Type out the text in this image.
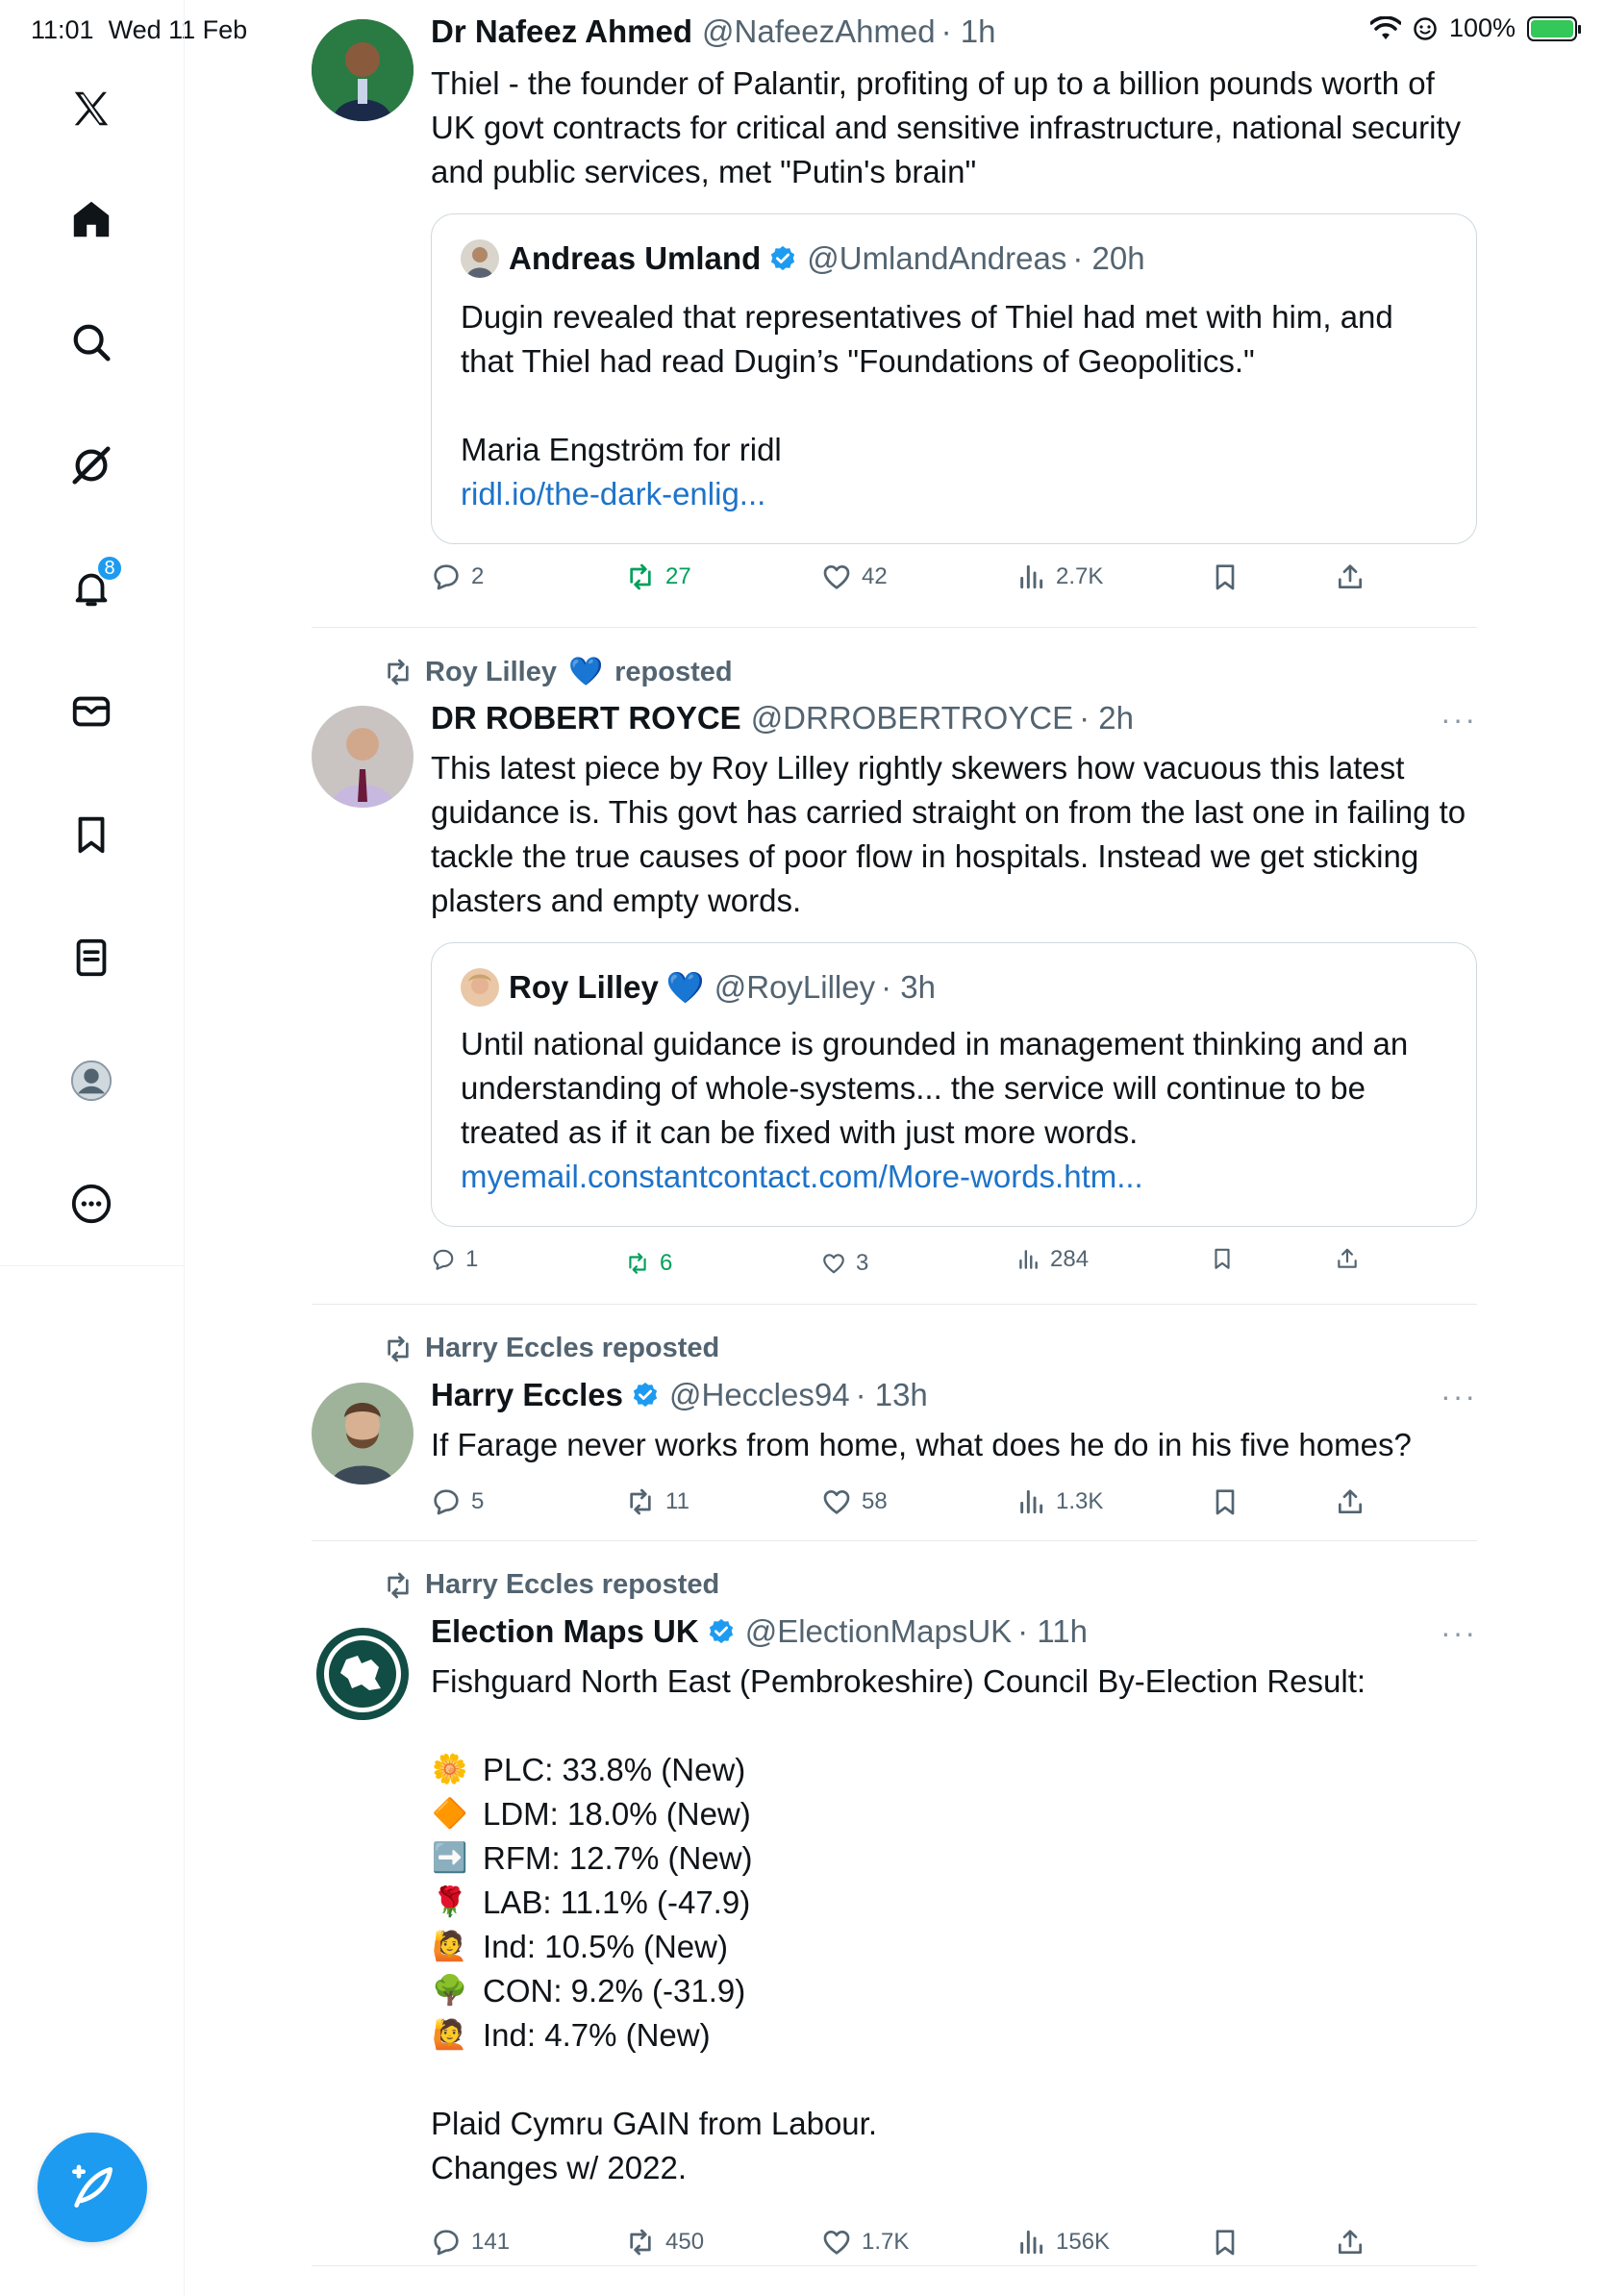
11:01 Wed 11 Feb	100%
8
Dr Nafeez Ahmed @NafeezAhmed · 1h
Thiel - the founder of Palantir, profiting of up to a billion pounds worth of UK govt contracts for critical and sensitive infrastructure, national security and public services, met "Putin's brain"
Andreas Umland @UmlandAndreas · 20h
Dugin revealed that representatives of Thiel had met with him, and that Thiel had read Dugin’s "Foundations of Geopolitics."

Maria Engström for ridl
ridl.io/the-dark-enlig...
2	27	42	2.7K
Roy Lilley 💙 reposted
DR ROBERT ROYCE @DRROBERTROYCE · 2h	···
This latest piece by Roy Lilley rightly skewers how vacuous this latest guidance is. This govt has carried straight on from the last one in failing to tackle the true causes of poor flow in hospitals. Instead we get sticking plasters and empty words.
Roy Lilley 💙 @RoyLilley · 3h
Until national guidance is grounded in management thinking and an understanding of whole-systems... the service will continue to be treated as if it can be fixed with just more words.
myemail.constantcontact.com/More-words.htm...
1	6	3	284
Harry Eccles reposted
Harry Eccles @Heccles94 · 13h	···
If Farage never works from home, what does he do in his five homes?
5	11	58	1.3K
Harry Eccles reposted
Election Maps UK @ElectionMapsUK · 11h	···
Fishguard North East (Pembrokeshire) Council By-Election Result:
🌼 PLC: 33.8% (New)
🔶 LDM: 18.0% (New)
➡️ RFM: 12.7% (New)
🌹 LAB: 11.1% (-47.9)
🙋 Ind: 10.5% (New)
🌳 CON: 9.2% (-31.9)
🙋 Ind: 4.7% (New)
Plaid Cymru GAIN from Labour.
Changes w/ 2022.
141	450	1.7K	156K
